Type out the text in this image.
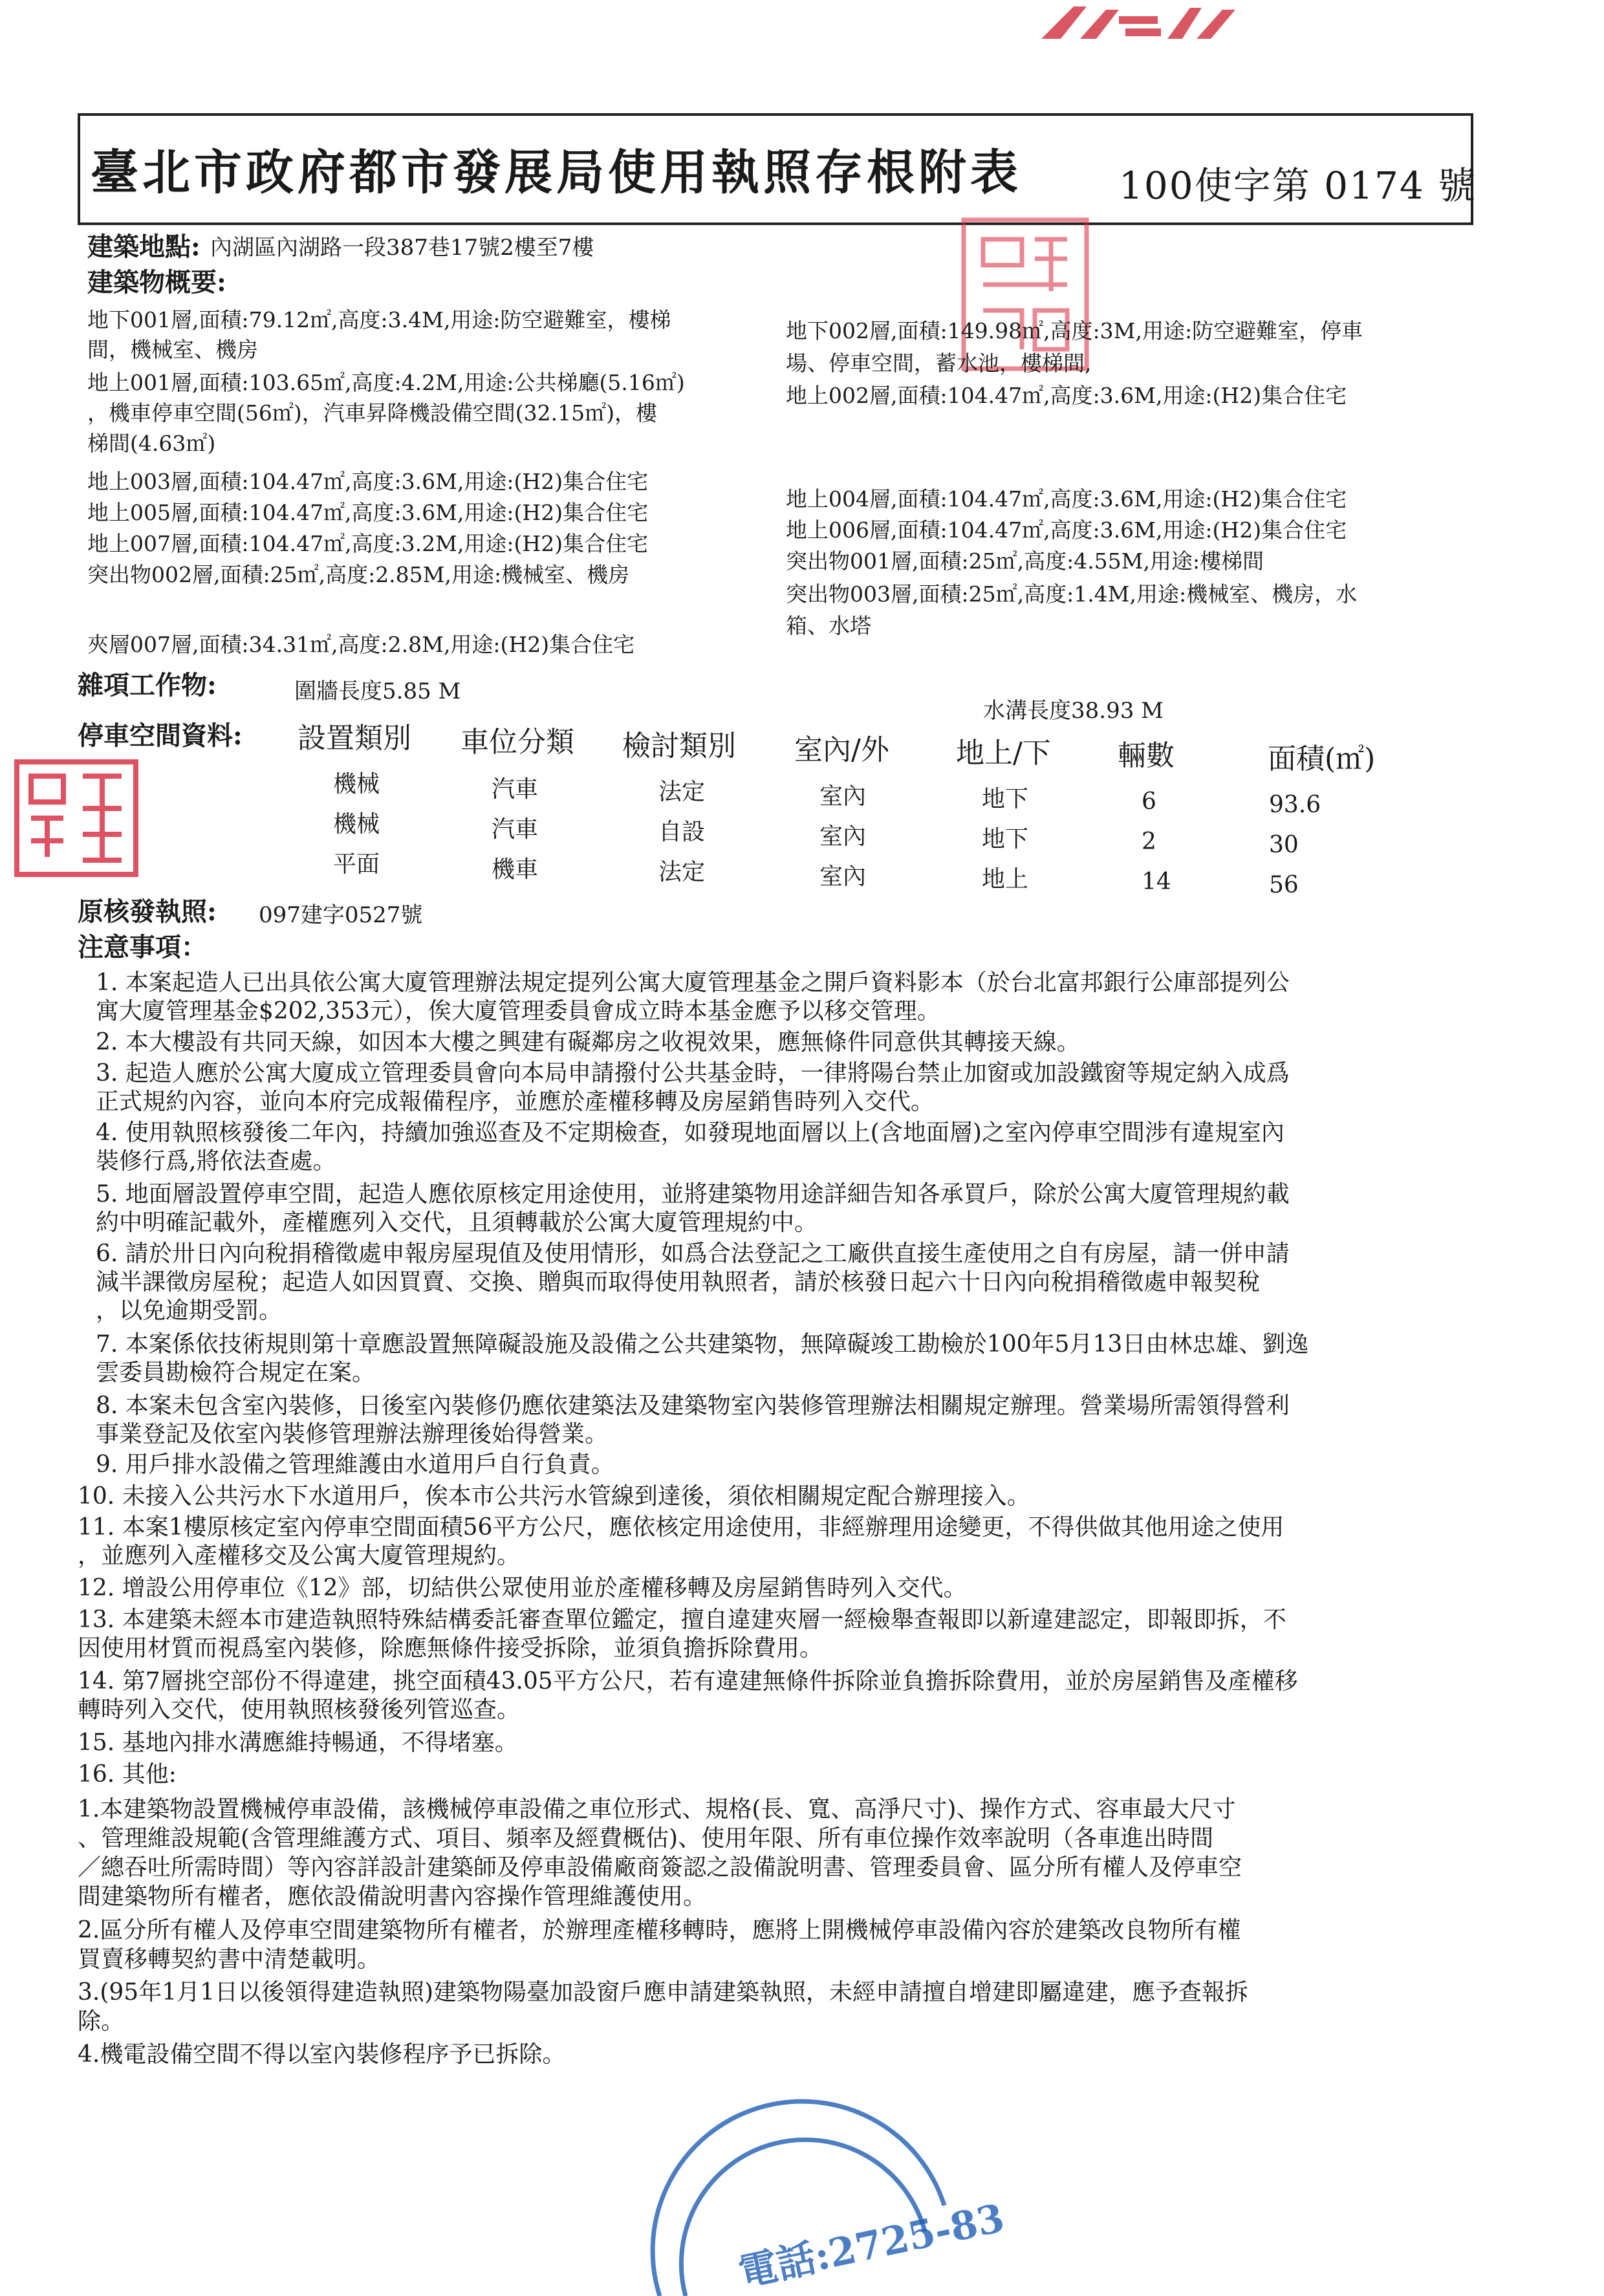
臺北市政府都市發展局使用執照存根附表	100使字第 0174 號
建築地點: 內湖區內湖路一段387巷17號2樓至7樓
建築物概要:
地下001層,面積:79.12㎡,高度:3.4M,用途:防空避難室，樓梯
間，機械室、機房
地上001層,面積:103.65㎡,高度:4.2M,用途:公共梯廳(5.16㎡)
，機車停車空間(56㎡)，汽車昇降機設備空間(32.15㎡)，樓
梯間(4.63㎡)
地上003層,面積:104.47㎡,高度:3.6M,用途:(H2)集合住宅
地上005層,面積:104.47㎡,高度:3.6M,用途:(H2)集合住宅
地上007層,面積:104.47㎡,高度:3.2M,用途:(H2)集合住宅
突出物002層,面積:25㎡,高度:2.85M,用途:機械室、機房
夾層007層,面積:34.31㎡,高度:2.8M,用途:(H2)集合住宅
地下002層,面積:149.98㎡,高度:3M,用途:防空避難室，停車
場、停車空間，蓄水池，樓梯間,
地上002層,面積:104.47㎡,高度:3.6M,用途:(H2)集合住宅
地上004層,面積:104.47㎡,高度:3.6M,用途:(H2)集合住宅
地上006層,面積:104.47㎡,高度:3.6M,用途:(H2)集合住宅
突出物001層,面積:25㎡,高度:4.55M,用途:樓梯間
突出物003層,面積:25㎡,高度:1.4M,用途:機械室、機房，水
箱、水塔
雜項工作物:	圍牆長度5.85 M
水溝長度38.93 M
停車空間資料: 設置類別 車位分類 檢討類別 室內/外 地上/下 輛數	面積(㎡)
機械	汽車	法定	室內	地下	6	93.6
機械	汽車	自設	室內	地下	2	30
平面	機車	法定	室內	地上	14	56
原核發執照: 097建字0527號
注意事項：
1. 本案起造人已出具依公寓大廈管理辦法規定提列公寓大廈管理基金之開戶資料影本（於台北富邦銀行公庫部提列公
寓大廈管理基金$202,353元），俟大廈管理委員會成立時本基金應予以移交管理。
2. 本大樓設有共同天線，如因本大樓之興建有礙鄰房之收視效果，應無條件同意供其轉接天線。
3. 起造人應於公寓大廈成立管理委員會向本局申請撥付公共基金時，一律將陽台禁止加窗或加設鐵窗等規定納入成爲
正式規約內容，並向本府完成報備程序，並應於產權移轉及房屋銷售時列入交代。
4. 使用執照核發後二年內，持續加強巡查及不定期檢查，如發現地面層以上(含地面層)之室內停車空間涉有違規室內
裝修行爲,將依法查處。
5. 地面層設置停車空間，起造人應依原核定用途使用，並將建築物用途詳細告知各承買戶，除於公寓大廈管理規約載
約中明確記載外，產權應列入交代，且須轉載於公寓大廈管理規約中。
6. 請於卅日內向稅捐稽徵處申報房屋現值及使用情形，如爲合法登記之工廠供直接生產使用之自有房屋，請一併申請
減半課徵房屋稅；起造人如因買賣、交換、贈與而取得使用執照者，請於核發日起六十日內向稅捐稽徵處申報契稅
，以免逾期受罰。
7. 本案係依技術規則第十章應設置無障礙設施及設備之公共建築物，無障礙竣工勘檢於100年5月13日由林忠雄、劉逸
雲委員勘檢符合規定在案。
8. 本案未包含室內裝修，日後室內裝修仍應依建築法及建築物室內裝修管理辦法相關規定辦理。營業場所需領得營利
事業登記及依室內裝修管理辦法辦理後始得營業。
9. 用戶排水設備之管理維護由水道用戶自行負責。
10. 未接入公共污水下水道用戶，俟本市公共污水管線到達後，須依相關規定配合辦理接入。
11. 本案1樓原核定室內停車空間面積56平方公尺，應依核定用途使用，非經辦理用途變更，不得供做其他用途之使用
，並應列入產權移交及公寓大廈管理規約。
12. 增設公用停車位《12》部，切結供公眾使用並於產權移轉及房屋銷售時列入交代。
13. 本建築未經本市建造執照特殊結構委託審查單位鑑定，擅自違建夾層一經檢舉查報即以新違建認定，即報即拆，不
因使用材質而視爲室內裝修，除應無條件接受拆除，並須負擔拆除費用。
14. 第7層挑空部份不得違建，挑空面積43.05平方公尺，若有違建無條件拆除並負擔拆除費用，並於房屋銷售及產權移
轉時列入交代，使用執照核發後列管巡查。
15. 基地內排水溝應維持暢通，不得堵塞。
16. 其他:
1.本建築物設置機械停車設備，該機械停車設備之車位形式、規格(長、寬、高淨尺寸)、操作方式、容車最大尺寸
、管理維設規範(含管理維護方式、項目、頻率及經費概估)、使用年限、所有車位操作效率說明（各車進出時間
／總吞吐所需時間）等內容詳設計建築師及停車設備廠商簽認之設備說明書、管理委員會、區分所有權人及停車空
間建築物所有權者，應依設備說明書內容操作管理維護使用。
2.區分所有權人及停車空間建築物所有權者，於辦理產權移轉時，應將上開機械停車設備內容於建築改良物所有權
買賣移轉契約書中清楚載明。
3.(95年1月1日以後領得建造執照)建築物陽臺加設窗戶應申請建築執照，未經申請擅自增建即屬違建，應予查報拆
除。
4.機電設備空間不得以室內裝修程序予已拆除。
電話:2725-83
